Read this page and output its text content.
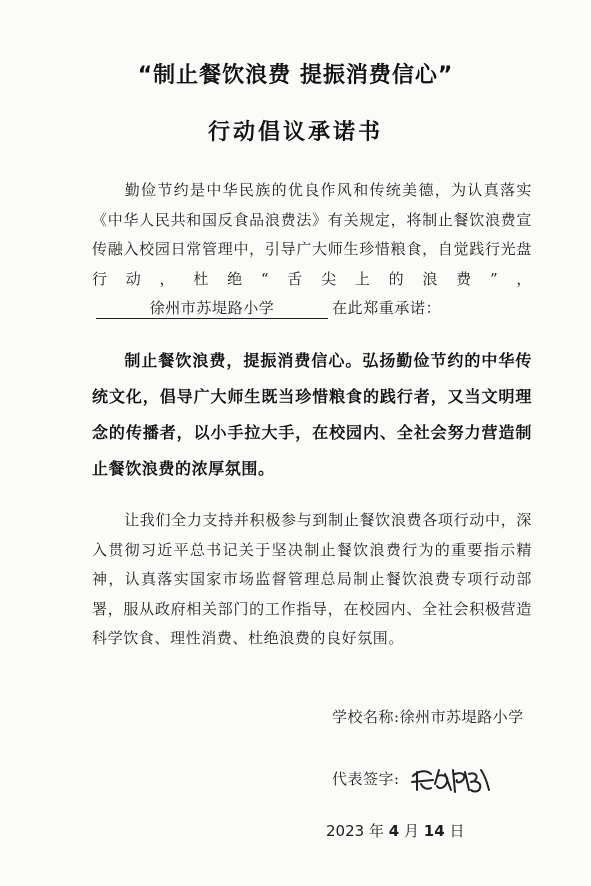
“制止餐饮浪费 提振消费信心”
行动倡议承诺书
勤俭节约是中华民族的优良作风和传统美德，为认真落实《中华人民共和国反食品浪费法》有关规定，将制止餐饮浪费宣传融入校园日常管理中，引导广大师生珍惜粮食，自觉践行光盘行动，杜绝“舌尖上的浪费”，徐州市苏堤路小学	在此郑重承诺：
制止餐饮浪费，提振消费信心。弘扬勤俭节约的中华传统文化，倡导广大师生既当珍惜粮食的践行者，又当文明理念的传播者，以小手拉大手，在校园内、全社会努力营造制止餐饮浪费的浓厚氛围。
让我们全力支持并积极参与到制止餐饮浪费各项行动中，深入贯彻习近平总书记关于坚决制止餐饮浪费行为的重要指示精神，认真落实国家市场监督管理总局制止餐饮浪费专项行动部署，服从政府相关部门的工作指导，在校园内、全社会积极营造科学饮食、理性消费、杜绝浪费的良好氛围。
学校名称:徐州市苏堤路小学
代表签字:
2023 年 4 月 14 日
